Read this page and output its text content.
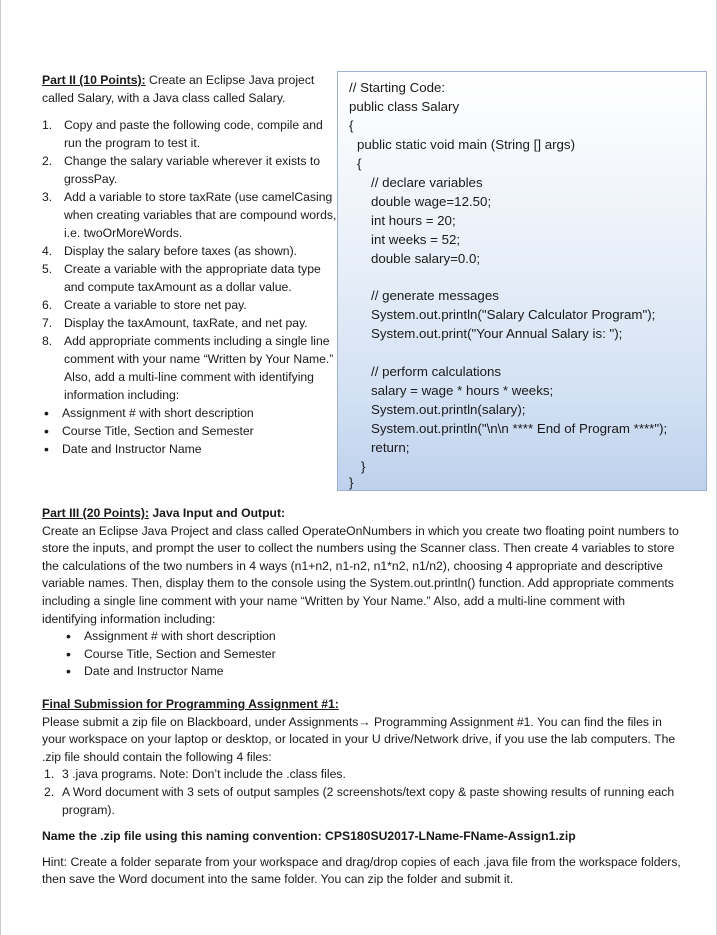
Part II (10 Points): Create an Eclipse Java project called Salary, with a Java class called Salary.

1. Copy and paste the following code, compile and run the program to test it.
2. Change the salary variable wherever it exists to grossPay.
3. Add a variable to store taxRate (use camelCasing when creating variables that are compound words, i.e. twoOrMoreWords.
4. Display the salary before taxes (as shown).
5. Create a variable with the appropriate data type and compute taxAmount as a dollar value.
6. Create a variable to store net pay.
7. Display the taxAmount, taxRate, and net pay.
8. Add appropriate comments including a single line comment with your name “Written by Your Name.” Also, add a multi-line comment with identifying information including:
• Assignment # with short description
• Course Title, Section and Semester
• Date and Instructor Name
// Starting Code:
public class Salary
{
public static void main (String [] args)
{
// declare variables
double wage=12.50;
int hours = 20;
int weeks = 52;
double salary=0.0;
// generate messages
System.out.println("Salary Calculator Program");
System.out.print("Your Annual Salary is: ");
// perform calculations
salary = wage * hours * weeks;
System.out.println(salary);
System.out.println("\n\n **** End of Program ****");
return;
}
}

Part III (20 Points): Java Input and Output:

Create an Eclipse Java Project and class called OperateOnNumbers in which you create two floating point numbers to store the inputs, and prompt the user to collect the numbers using the Scanner class. Then create 4 variables to store the calculations of the two numbers in 4 ways (n1+n2, n1-n2, n1*n2, n1/n2), choosing 4 appropriate and descriptive variable names. Then, display them to the console using the System.out.println() function. Add appropriate comments including a single line comment with your name “Written by Your Name.” Also, add a multi-line comment with identifying information including:

• Assignment # with short description
• Course Title, Section and Semester
• Date and Instructor Name

Final Submission for Programming Assignment #1:

Please submit a zip file on Blackboard, under Assignments→ Programming Assignment #1. You can find the files in your workspace on your laptop or desktop, or located in your U drive/Network drive, if you use the lab computers. The .zip file should contain the following 4 files:

1. 3 .java programs. Note: Don’t include the .class files.
2. A Word document with 3 sets of output samples (2 screenshots/text copy & paste showing results of running each program).

Name the .zip file using this naming convention: CPS180SU2017-LName-FName-Assign1.zip

Hint: Create a folder separate from your workspace and drag/drop copies of each .java file from the workspace folders, then save the Word document into the same folder. You can zip the folder and submit it.
